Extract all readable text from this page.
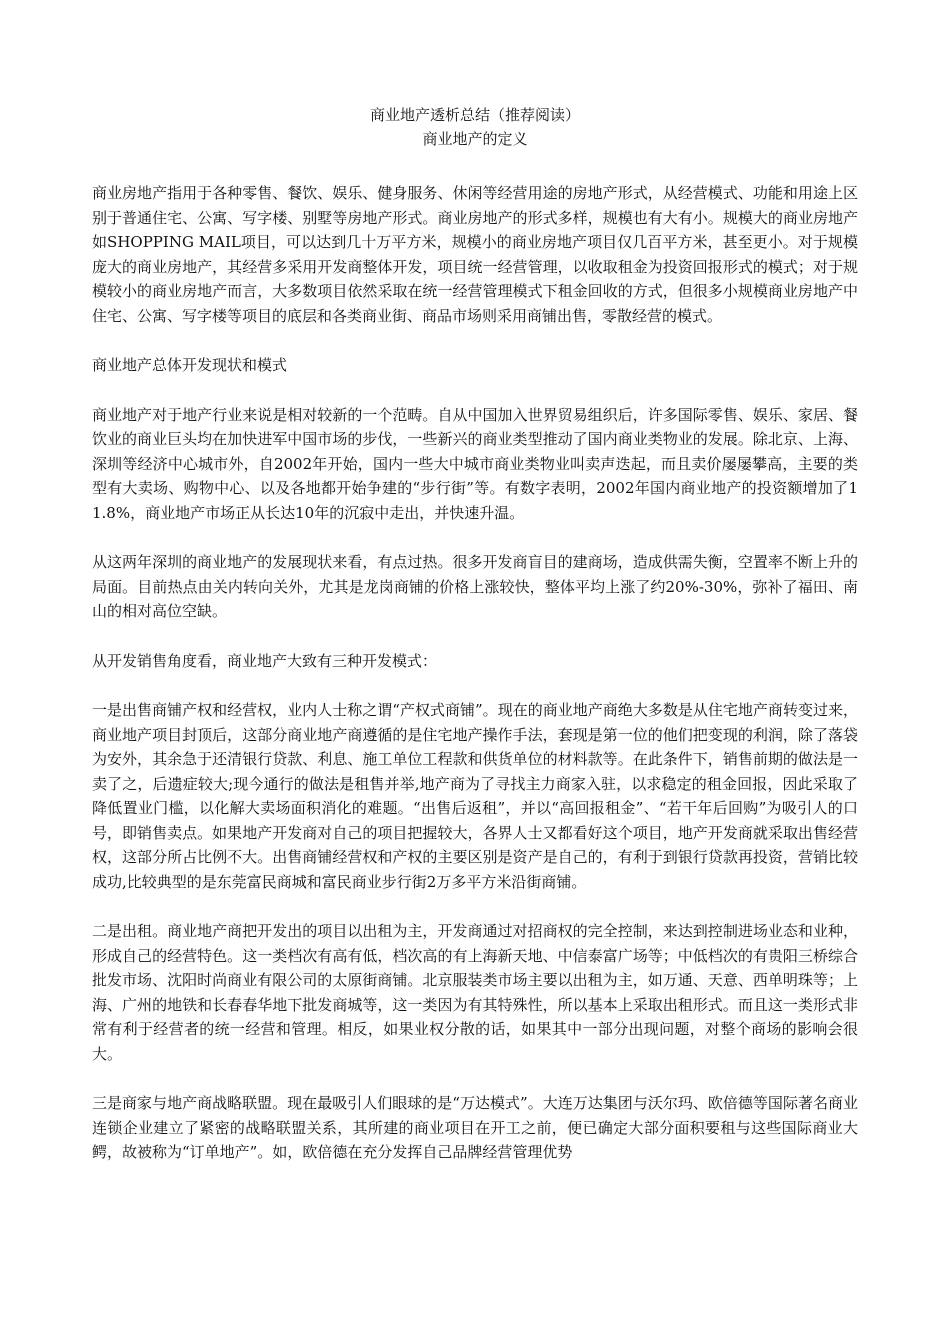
商业地产透析总结（推荐阅读）

商业地产的定义

商业房地产指用于各种零售、餐饮、娱乐、健身服务、休闲等经营用途的房地产形式，从经营模式、功能和用途上区别于普通住宅、公寓、写字楼、别墅等房地产形式。商业房地产的形式多样，规模也有大有小。规模大的商业房地产如SHOPPING MAIL项目，可以达到几十万平方米，规模小的商业房地产项目仅几百平方米，甚至更小。对于规模庞大的商业房地产，其经营多采用开发商整体开发，项目统一经营管理，以收取租金为投资回报形式的模式；对于规模较小的商业房地产而言，大多数项目依然采取在统一经营管理模式下租金回收的方式，但很多小规模商业房地产中住宅、公寓、写字楼等项目的底层和各类商业街、商品市场则采用商铺出售，零散经营的模式。

商业地产总体开发现状和模式

商业地产对于地产行业来说是相对较新的一个范畴。自从中国加入世界贸易组织后，许多国际零售、娱乐、家居、餐饮业的商业巨头均在加快进军中国市场的步伐，一些新兴的商业类型推动了国内商业类物业的发展。除北京、上海、深圳等经济中心城市外，自2002年开始，国内一些大中城市商业类物业叫卖声迭起，而且卖价屡屡攀高，主要的类型有大卖场、购物中心、以及各地都开始争建的“步行街”等。有数字表明，2002年国内商业地产的投资额增加了11.8%，商业地产市场正从长达10年的沉寂中走出，并快速升温。

从这两年深圳的商业地产的发展现状来看，有点过热。很多开发商盲目的建商场，造成供需失衡，空置率不断上升的局面。目前热点由关内转向关外，尤其是龙岗商铺的价格上涨较快，整体平均上涨了约20%-30%，弥补了福田、南山的相对高位空缺。

从开发销售角度看，商业地产大致有三种开发模式：

一是出售商铺产权和经营权，业内人士称之谓“产权式商铺”。现在的商业地产商绝大多数是从住宅地产商转变过来，商业地产项目封顶后，这部分商业地产商遵循的是住宅地产操作手法，套现是第一位的他们把变现的利润，除了落袋为安外，其余急于还清银行贷款、利息、施工单位工程款和供货单位的材料款等。在此条件下，销售前期的做法是一卖了之，后遗症较大;现今通行的做法是租售并举,地产商为了寻找主力商家入驻，以求稳定的租金回报，因此采取了降低置业门槛，以化解大卖场面积消化的难题。“出售后返租”，并以“高回报租金”、“若干年后回购”为吸引人的口号，即销售卖点。如果地产开发商对自己的项目把握较大，各界人士又都看好这个项目，地产开发商就采取出售经营权，这部分所占比例不大。出售商铺经营权和产权的主要区别是资产是自己的，有利于到银行贷款再投资，营销比较成功,比较典型的是东莞富民商城和富民商业步行街2万多平方米沿街商铺。

二是出租。商业地产商把开发出的项目以出租为主，开发商通过对招商权的完全控制，来达到控制进场业态和业种，形成自己的经营特色。这一类档次有高有低，档次高的有上海新天地、中信泰富广场等；中低档次的有贵阳三桥综合批发市场、沈阳时尚商业有限公司的太原街商铺。北京服装类市场主要以出租为主，如万通、天意、西单明珠等；上海、广州的地铁和长春春华地下批发商城等，这一类因为有其特殊性，所以基本上采取出租形式。而且这一类形式非常有利于经营者的统一经营和管理。相反，如果业权分散的话，如果其中一部分出现问题，对整个商场的影响会很大。

三是商家与地产商战略联盟。现在最吸引人们眼球的是“万达模式”。大连万达集团与沃尔玛、欧倍德等国际著名商业连锁企业建立了紧密的战略联盟关系，其所建的商业项目在开工之前，便已确定大部分面积要租与这些国际商业大鳄，故被称为“订单地产”。如，欧倍德在充分发挥自己品牌经营管理优势
